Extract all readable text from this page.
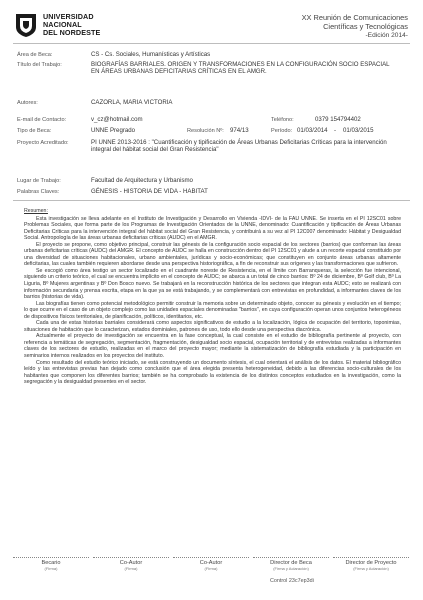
UNIVERSIDAD
NACIONAL
DEL NORDESTE
XX Reunión de Comunicaciones
Científicas y Tecnológicas
-Edición 2014-
Área de Beca:	CS - Cs. Sociales, Humanísticas y Artísticas
Título del Trabajo:	BIOGRAFÍAS BARRIALES. ORIGEN Y TRANSFORMACIONES EN LA CONFIGURACIÓN SOCIO ESPACIAL EN ÁREAS URBANAS DEFICITARIAS CRÍTICAS EN EL AMGR.
Autores:	CAZORLA, MARIA VICTORIA
E-mail de Contacto:	v_cz@hotmail.com	Teléfono:	0379 154794402
Tipo de Beca:	UNNE Pregrado	Resolución Nº: 974/13	Período: 01/03/2014 - 01/03/2015
Proyecto Acreditado:	PI UNNE 2013-2016 : "Cuantificación y tipificación de Áreas Urbanas Deficitarias Críticas para la intervención integral del hábitat social del Gran Resistencia"
Lugar de Trabajo:	Facultad de Arquitectura y Urbanismo
Palabras Claves:	GÉNESIS - HISTORIA DE VIDA - HABITAT
Resumen:

Esta investigación se lleva adelante en el Instituto de Investigación y Desarrollo en Vivienda -IDVI- de la FAU UNNE. Se inserta en el PI 12SC01 sobre Problemas Sociales, que forma parte de los Programas de Investigación Orientados de la UNNE, denominado: Cuantificación y tipificación de Áreas Urbanas Deficitarias Críticas para la intervención integral del hábitat social del Gran Resistencia, y contribuirá a su vez al PI 12C007 denominado: Hábitat y Desigualdad Social. Antropología de las áreas urbanas deficitarias críticas (AUDC) en el AMGR.

El proyecto se propone, como objetivo principal, construir las génesis de la configuración socio espacial de los sectores (barrios) que conforman las áreas urbanas deficitarias críticas (AUDC) del AMGR. El concepto de AUDC se halla en construcción dentro del PI 12SC01 y alude a un recorte espacial constituido por una diversidad de situaciones habitacionales, urbano ambientales, jurídicas y socio-económicas; que constituyen en conjunto áreas urbanas altamente deficitarias, las cuales también requieren abordarse desde una perspectiva historiográfica, a fin de reconstruir sus orígenes y las transformaciones que sufrieron.

Se escogió como área testigo un sector localizado en el cuadrante noreste de Resistencia, en el límite con Barranqueras, la selección fue intencional, siguiendo un criterio teórico, el cual se encuentra implícito en el concepto de AUDC; se abarca a un total de cinco barrios: Bº 24 de diciembre, Bº Golf club, Bº La Liguria, Bº Mujeres argentinas y Bº Don Bosco nuevo. Se trabajará en la reconstrucción histórica de los sectores que integran esta AUDC; esto se realizará con información secundaria y prensa escrita, etapa en la que ya se está trabajando, y se complementará con entrevistas en profundidad, a informantes claves de los barrios (historias de vida).

Las biografías tienen como potencial metodológico permitir construir la memoria sobre un determinado objeto, conocer su génesis y evolución en el tiempo; lo que ocurre en el caso de un objeto complejo como las unidades espaciales denominadas "barrios", en cuya configuración operan unos conjuntos heterogéneos de dispositivos físicos territoriales, de planificación, políticos, identitarios, etc.

Cada una de estas historias barriales considerará como aspectos significativos de estudio a la localización, lógica de ocupación del territorio, toponimias, situaciones de habitación que lo caracterizan, estados dominiales, patrones de uso, todo ello desde una perspectiva diacrónica.

Actualmente el proyecto de investigación se encuentra en la fase conceptual, la cual consiste en el estudio de bibliografía pertinente al proyecto, con referencia a temáticas de segregación, segmentación, fragmentación, desigualdad socio espacial, ocupación territorial y de entrevistas realizadas a informantes claves de los sectores de estudio, realizadas en el marco del proyecto mayor; mediante la sistematización de bibliografía estudiada y la participación en seminarios internos realizados en los proyectos del instituto.

Como resultado del estudio teórico iniciado, se está construyendo un documento síntesis, el cual orientará el análisis de los datos. El material bibliográfico leído y las entrevistas previas han dejado como conclusión que el área elegida presenta heterogeneidad, debido a las diferencias socio-culturales de los habitantes que componen los diferentes barrios; también se ha comprobado la existencia de los distintos conceptos estudiados en la investigación, como la segregación y la desigualdad presentes en el sector.

Becario
(Firma)
Co-Autor
(Firma)
Co-Autor
(Firma)
Director de Beca
(Firma y Aclaración)
Director de Proyecto
(Firma y Aclaración)
Control 23c7ep3di
